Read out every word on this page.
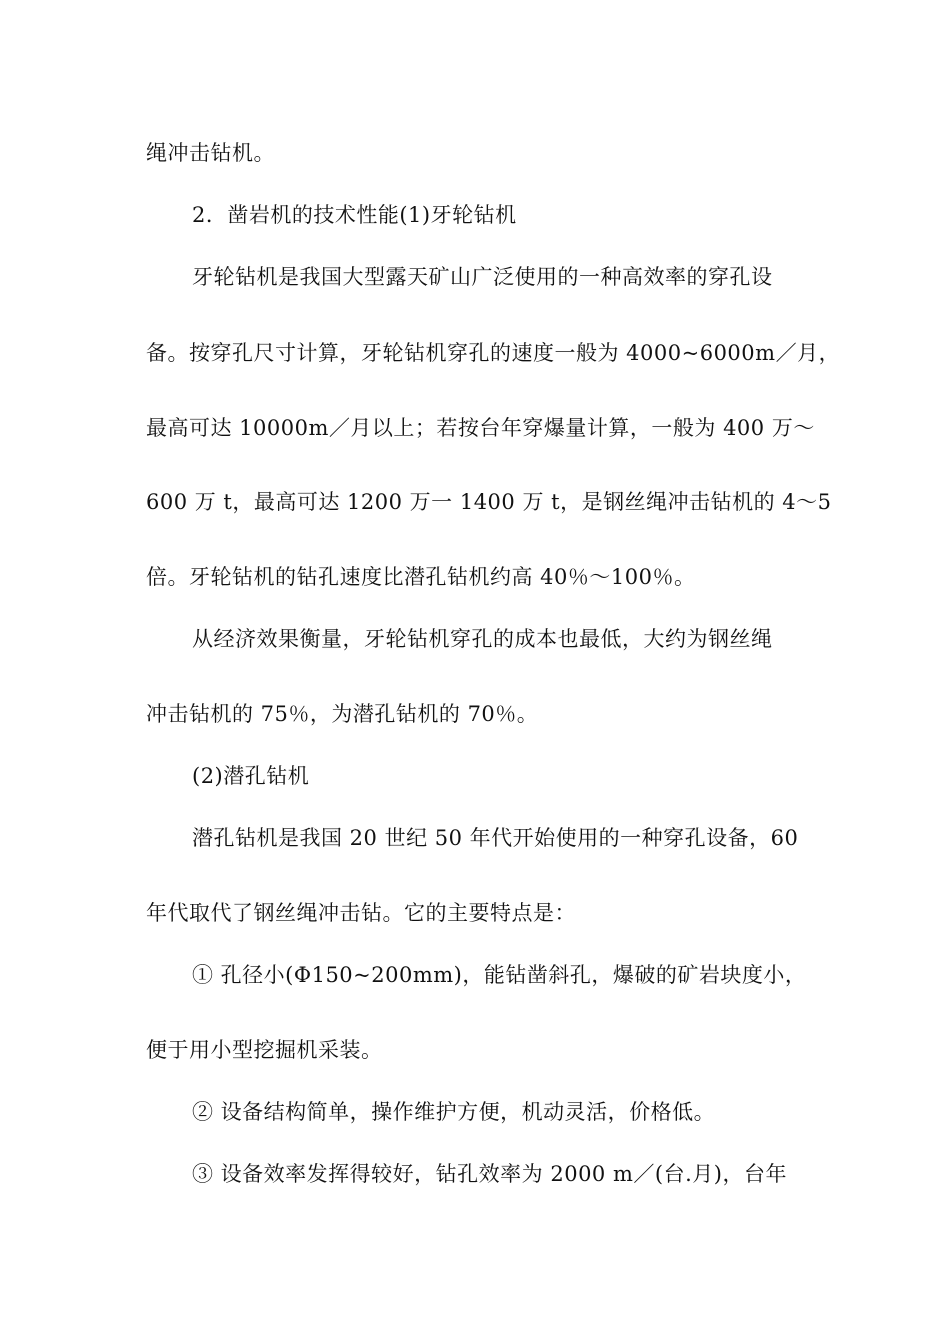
绳冲击钻机。
2．凿岩机的技术性能(1)牙轮钻机
牙轮钻机是我国大型露天矿山广泛使用的一种高效率的穿孔设
备。按穿孔尺寸计算，牙轮钻机穿孔的速度一般为 4000~6000m／月，
最高可达 10000m／月以上；若按台年穿爆量计算，一般为 400 万～
600 万 t，最高可达 1200 万一 1400 万 t，是钢丝绳冲击钻机的 4～5
倍。牙轮钻机的钻孔速度比潜孔钻机约高 40％～100％。
从经济效果衡量，牙轮钻机穿孔的成本也最低，大约为钢丝绳
冲击钻机的 75％，为潜孔钻机的 70％。
(2)潜孔钻机
潜孔钻机是我国 20 世纪 50 年代开始使用的一种穿孔设备，60
年代取代了钢丝绳冲击钻。它的主要特点是：
① 孔径小(Φ150~200mm)，能钻凿斜孔，爆破的矿岩块度小，
便于用小型挖掘机采装。
② 设备结构简单，操作维护方便，机动灵活，价格低。
③ 设备效率发挥得较好，钻孔效率为 2000 m／(台.月)，台年
